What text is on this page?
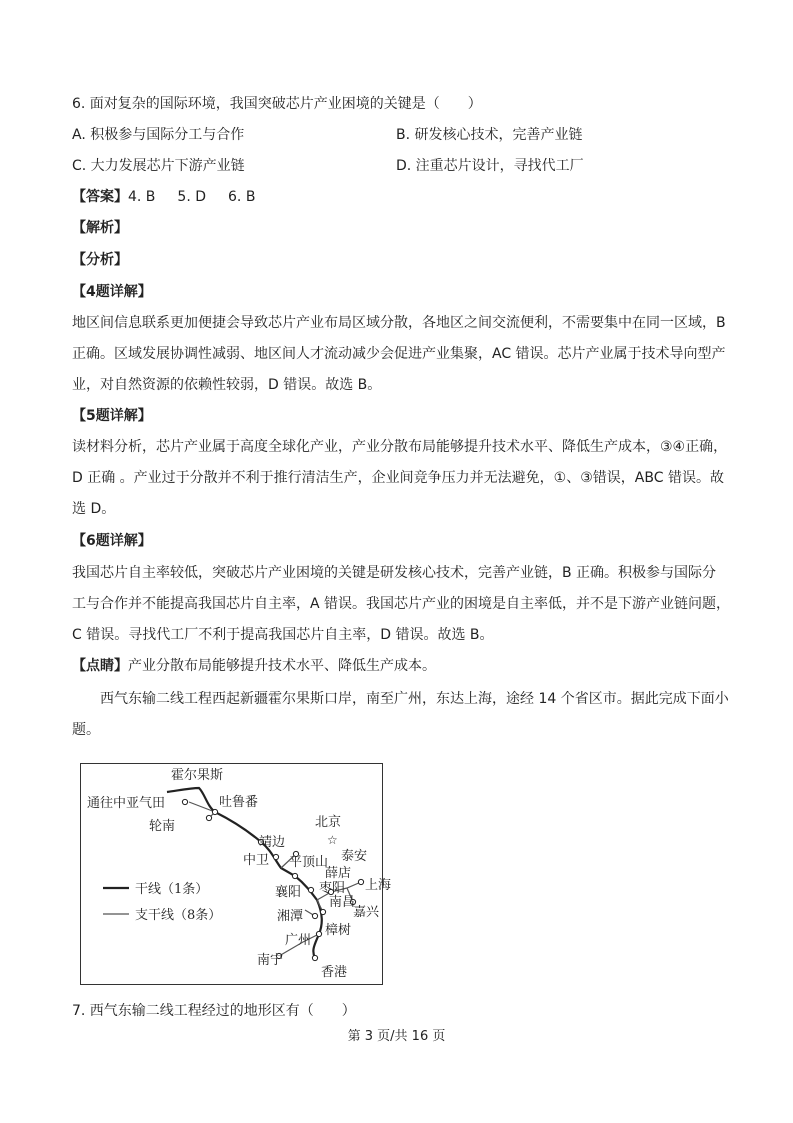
6. 面对复杂的国际环境，我国突破芯片产业困境的关键是（　　）
A. 积极参与国际分工与合作	B. 研发核心技术，完善产业链
C. 大力发展芯片下游产业链	D. 注重芯片设计，寻找代工厂
【答案】4. B 5. D 6. B
【解析】
【分析】
【4题详解】
地区间信息联系更加便捷会导致芯片产业布局区域分散，各地区之间交流便利，不需要集中在同一区域，B
正确。区域发展协调性减弱、地区间人才流动减少会促进产业集聚，AC 错误。芯片产业属于技术导向型产
业，对自然资源的依赖性较弱，D 错误。故选 B。
【5题详解】
读材料分析，芯片产业属于高度全球化产业，产业分散布局能够提升技术水平、降低生产成本，③④正确，
D 正确 。产业过于分散并不利于推行清洁生产，企业间竞争压力并无法避免，①、③错误，ABC 错误。故
选 D。
【6题详解】
我国芯片自主率较低，突破芯片产业困境的关键是研发核心技术，完善产业链，B 正确。积极参与国际分
工与合作并不能提高我国芯片自主率，A 错误。我国芯片产业的困境是自主率低，并不是下游产业链问题，
C 错误。寻找代工厂不利于提高我国芯片自主率，D 错误。故选 B。
【点睛】产业分散布局能够提升技术水平、降低生产成本。
西气东输二线工程西起新疆霍尔果斯口岸，南至广州，东达上海，途经 14 个省区市。据此完成下面小
题。
☆
霍尔果斯
通往中亚气田	吐鲁番
轮南	北京
靖边
中卫 平顶山 泰安
薛店
枣阳
襄阳
南昌
上海
嘉兴
湘潭
樟树
广州
南宁
香港
干线（1条）
支干线（8条）
7. 西气东输二线工程经过的地形区有（　　）
第 3 页/共 16 页
